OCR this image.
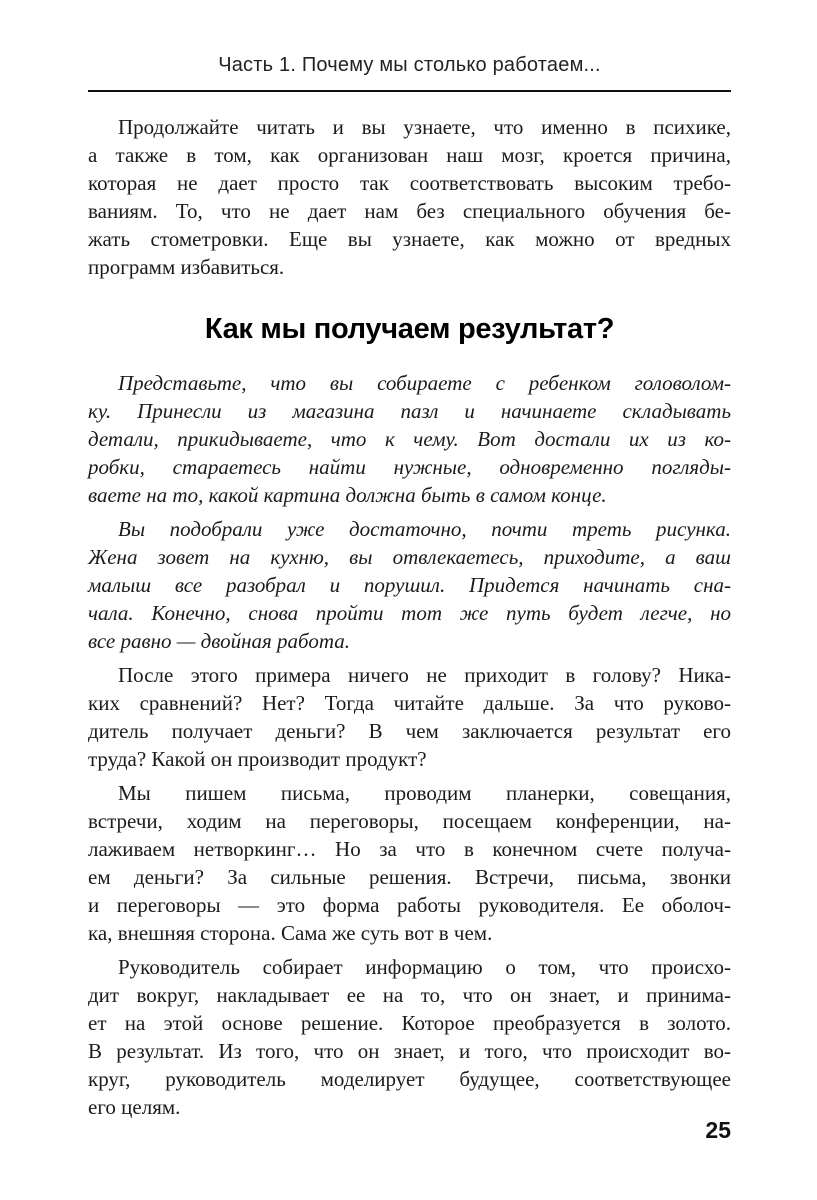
Часть 1. Почему мы столько работаем...
Продолжайте читать и вы узнаете, что именно в психике,
а также в том, как организован наш мозг, кроется причина,
которая не дает просто так соответствовать высоким требо-
ваниям. То, что не дает нам без специального обучения бе-
жать стометровки. Еще вы узнаете, как можно от вредных
программ избавиться.
Как мы получаем результат?
Представьте, что вы собираете с ребенком головолом-
ку. Принесли из магазина пазл и начинаете складывать
детали, прикидываете, что к чему. Вот достали их из ко-
робки, стараетесь найти нужные, одновременно погляды-
ваете на то, какой картина должна быть в самом конце.
Вы подобрали уже достаточно, почти треть рисунка.
Жена зовет на кухню, вы отвлекаетесь, приходите, а ваш
малыш все разобрал и порушил. Придется начинать сна-
чала. Конечно, снова пройти тот же путь будет легче, но
все равно — двойная работа.
После этого примера ничего не приходит в голову? Ника-
ких сравнений? Нет? Тогда читайте дальше. За что руково-
дитель получает деньги? В чем заключается результат его
труда? Какой он производит продукт?
Мы пишем письма, проводим планерки, совещания,
встречи, ходим на переговоры, посещаем конференции, на-
лаживаем нетворкинг… Но за что в конечном счете получа-
ем деньги? За сильные решения. Встречи, письма, звонки
и переговоры — это форма работы руководителя. Ее оболоч-
ка, внешняя сторона. Сама же суть вот в чем.
Руководитель собирает информацию о том, что происхо-
дит вокруг, накладывает ее на то, что он знает, и принима-
ет на этой основе решение. Которое преобразуется в золото.
В результат. Из того, что он знает, и того, что происходит во-
круг, руководитель моделирует будущее, соответствующее
его целям.
25
